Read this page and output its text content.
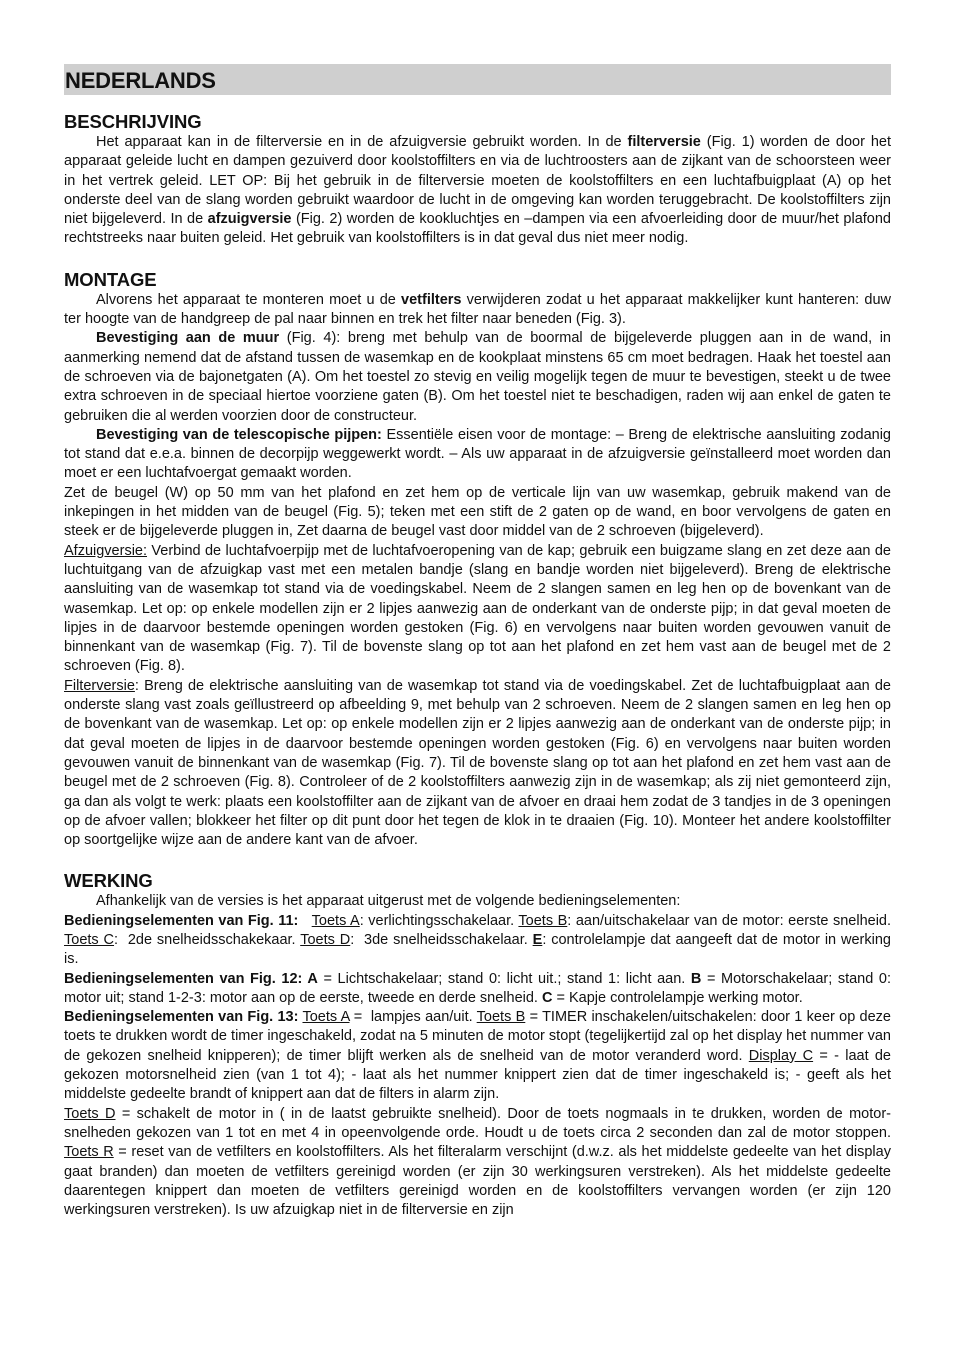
NEDERLANDS
BESCHRIJVING

Het apparaat kan in de filterversie en in de afzuigversie gebruikt worden. In de filterversie (Fig. 1) worden de door het apparaat geleide lucht en dampen gezuiverd door koolstoffilters en via de luchtroosters aan de zijkant van de schoorsteen weer in het vertrek geleid. LET OP: Bij het gebruik in de filterversie moeten de koolstoffilters en een luchtafbuigplaat (A) op het onderste deel van de slang worden gebruikt waardoor de lucht in de omgeving kan worden teruggebracht. De koolstoffilters zijn niet bijgeleverd. In de afzuigversie (Fig. 2) worden de kookluchtjes en –dampen via een afvoerleiding door de muur/het plafond rechtstreeks naar buiten geleid. Het gebruik van koolstoffilters is in dat geval dus niet meer nodig.

MONTAGE

Alvorens het apparaat te monteren moet u de vetfilters verwijderen zodat u het apparaat makkelijker kunt hanteren: duw ter hoogte van de handgreep de pal naar binnen en trek het filter naar beneden (Fig. 3).

Bevestiging aan de muur (Fig. 4): breng met behulp van de boormal de bijgeleverde pluggen aan in de wand, in aanmerking nemend dat de afstand tussen de wasemkap en de kookplaat minstens 65 cm moet bedragen. Haak het toestel aan de schroeven via de bajonetgaten (A). Om het toestel zo stevig en veilig mogelijk tegen de muur te bevestigen, steekt u de twee extra schroeven in de speciaal hiertoe voorziene gaten (B). Om het toestel niet te beschadigen, raden wij aan enkel de gaten te gebruiken die al werden voorzien door de constructeur.

Bevestiging van de telescopische pijpen: Essentiële eisen voor de montage: – Breng de elektrische aansluiting zodanig tot stand dat e.e.a. binnen de decorpijp weggewerkt wordt. – Als uw apparaat in de afzuigversie geïnstalleerd moet worden dan moet er een luchtafvoergat gemaakt worden.

Zet de beugel (W) op 50 mm van het plafond en zet hem op de verticale lijn van uw wasemkap, gebruik makend van de inkepingen in het midden van de beugel (Fig. 5); teken met een stift de 2 gaten op de wand, en boor vervolgens de gaten en steek er de bijgeleverde pluggen in, Zet daarna de beugel vast door middel van de 2 schroeven (bijgeleverd).

Afzuigversie: Verbind de luchtafvoerpijp met de luchtafvoeropening van de kap; gebruik een buigzame slang en zet deze aan de luchtuitgang van de afzuigkap vast met een metalen bandje (slang en bandje worden niet bijgeleverd). Breng de elektrische aansluiting van de wasemkap tot stand via de voedingskabel. Neem de 2 slangen samen en leg hen op de bovenkant van de wasemkap. Let op: op enkele modellen zijn er 2 lipjes aanwezig aan de onderkant van de onderste pijp; in dat geval moeten de lipjes in de daarvoor bestemde openingen worden gestoken (Fig. 6) en vervolgens naar buiten worden gevouwen vanuit de binnenkant van de wasemkap (Fig. 7). Til de bovenste slang op tot aan het plafond en zet hem vast aan de beugel met de 2 schroeven (Fig. 8).

Filterversie: Breng de elektrische aansluiting van de wasemkap tot stand via de voedingskabel. Zet de luchtafbuigplaat aan de onderste slang vast zoals geïllustreerd op afbeelding 9, met behulp van 2 schroeven. Neem de 2 slangen samen en leg hen op de bovenkant van de wasemkap. Let op: op enkele modellen zijn er 2 lipjes aanwezig aan de onderkant van de onderste pijp; in dat geval moeten de lipjes in de daarvoor bestemde openingen worden gestoken (Fig. 6) en vervolgens naar buiten worden gevouwen vanuit de binnenkant van de wasemkap (Fig. 7). Til de bovenste slang op tot aan het plafond en zet hem vast aan de beugel met de 2 schroeven (Fig. 8). Controleer of de 2 koolstoffilters aanwezig zijn in de wasemkap; als zij niet gemonteerd zijn, ga dan als volgt te werk: plaats een koolstoffilter aan de zijkant van de afvoer en draai hem zodat de 3 tandjes in de 3 openingen op de afvoer vallen; blokkeer het filter op dit punt door het tegen de klok in te draaien (Fig. 10). Monteer het andere koolstoffilter op soortgelijke wijze aan de andere kant van de afvoer.

WERKING

Afhankelijk van de versies is het apparaat uitgerust met de volgende bedieningselementen:

Bedieningselementen van Fig. 11: Toets A: verlichtingsschakelaar. Toets B: aan/uitschakelaar van de motor: eerste snelheid. Toets C:  2de snelheidsschakekaar. Toets D:  3de snelheidsschakelaar. E: controlelampje dat aangeeft dat de motor in werking is.

Bedieningselementen van Fig. 12: A = Lichtschakelaar; stand 0: licht uit.; stand 1: licht aan. B = Motorschakelaar; stand 0: motor uit; stand 1-2-3: motor aan op de eerste, tweede en derde snelheid. C = Kapje controlelampje werking motor.

Bedieningselementen van Fig. 13: Toets A =  lampjes aan/uit. Toets B = TIMER inschakelen/uitschakelen: door 1 keer op deze toets te drukken wordt de timer ingeschakeld, zodat na 5 minuten de motor stopt (tegelijkertijd zal op het display het nummer van de gekozen snelheid knipperen); de timer blijft werken als de snelheid van de motor veranderd word. Display C = - laat de gekozen motorsnelheid zien (van 1 tot 4); - laat als het nummer knippert zien dat de timer ingeschakeld is; - geeft als het middelste gedeelte brandt of knippert aan dat de filters in alarm zijn.

Toets D = schakelt de motor in ( in de laatst gebruikte snelheid). Door de toets nogmaals in te drukken, worden de motor-snelheden gekozen van 1 tot en met 4 in opeenvolgende orde. Houdt u de toets circa 2 seconden dan zal de motor stoppen.  Toets R = reset van de vetfilters en koolstoffilters. Als het filteralarm verschijnt (d.w.z. als het middelste gedeelte van het display gaat branden) dan moeten de vetfilters gereinigd worden (er zijn 30 werkingsuren verstreken). Als het middelste gedeelte daarentegen knippert dan moeten de vetfilters gereinigd worden en de koolstoffilters vervangen worden (er zijn 120 werkingsuren verstreken). Is uw afzuigkap niet in de filterversie en zijn
